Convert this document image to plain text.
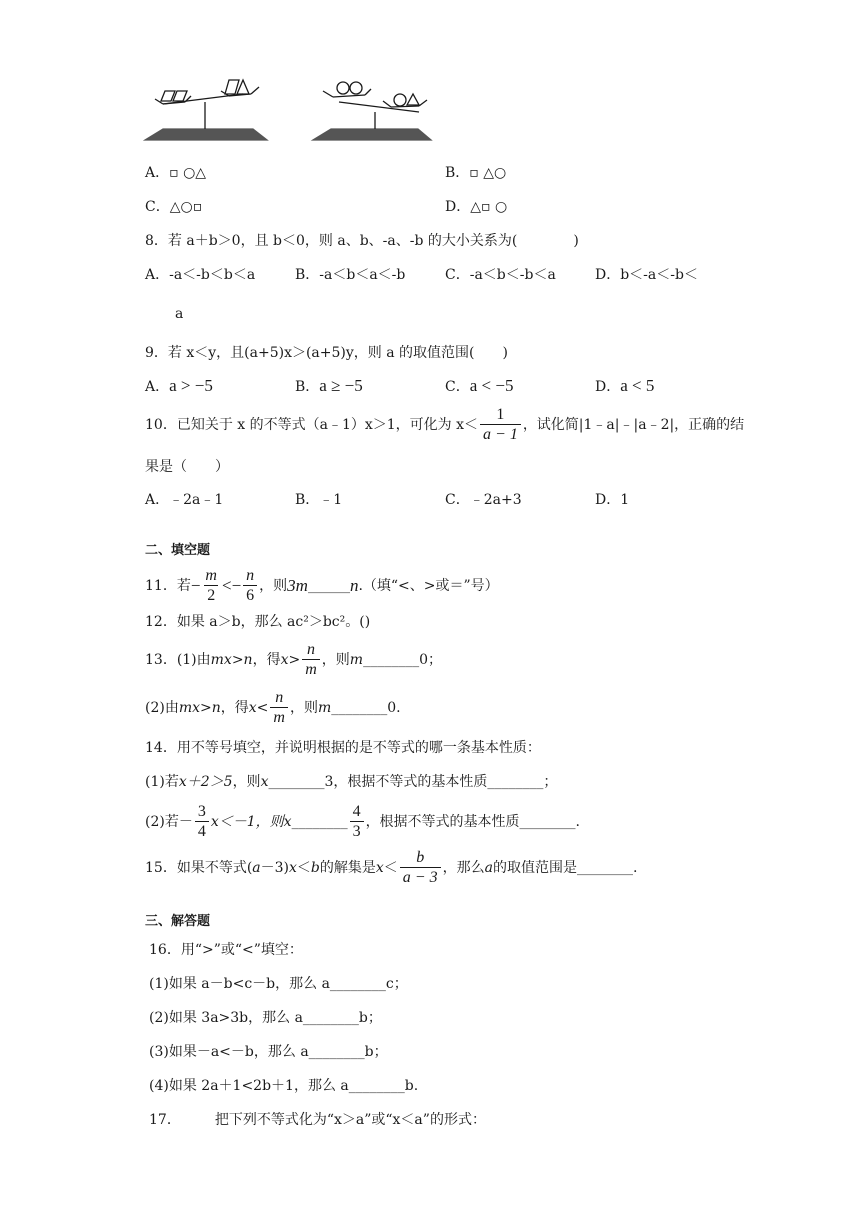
A．▫ ○△	B．▫ △○
C．△○▫	D．△▫ ○
8．若 a＋b＞0，且 b＜0，则 a、b、-a、-b 的大小关系为(　　　　)
A．-a＜-b＜b＜a	B．-a＜b＜a＜-b	C．-a＜b＜-b＜a	D．b＜-a＜-b＜
a
9．若 x＜y，且(a+5)x＞(a+5)y，则 a 的取值范围(　　)
A．a > −5	B．a ≥ −5	C．a < −5	D．a < 5
10．已知关于 x 的不等式（a﹣1）x＞1，可化为 $x< \frac{1}{a - 1}$ ，试化简|1﹣a|﹣|a﹣2|，正确的结
果是（　　）
A．﹣2a﹣1	B．﹣1	C．﹣2a+3	D．1
二、填空题
11．若 − $\frac{m}{2} <- \frac{n}{6}$ ，则 3m ______ n .（填“<、>或＝”号）
12．如果 a＞b，那么 ac²＞bc²。()
13．(1)由 mx>n ，得 $x> \frac{n}{m}$ ，则 m ________0；
(2)由 mx>n ，得 $x< \frac{n}{m}$ ，则 m ________0.
14．用不等号填空，并说明根据的是不等式的哪一条基本性质：
(1)若 x＋2＞5 ，则 x ________3，根据不等式的基本性质________；
(2)若－ $\frac{3}{4} x<-1$，则 x ________ $\frac{4}{3}$ ，根据不等式的基本性质________.
15．如果不等式( a －3) x ＜ b 的解集是 $x < \frac{b}{a - 3}$ ，那么 a 的取值范围是________.
三、解答题
16．用“>”或“<”填空：
(1)如果 a－b<c－b，那么 a________c；
(2)如果 3a>3b，那么 a________b；
(3)如果－a<－b，那么 a________b；
(4)如果 2a＋1<2b＋1，那么 a________b.
17． 把下列不等式化为“x＞a”或“x＜a”的形式：
